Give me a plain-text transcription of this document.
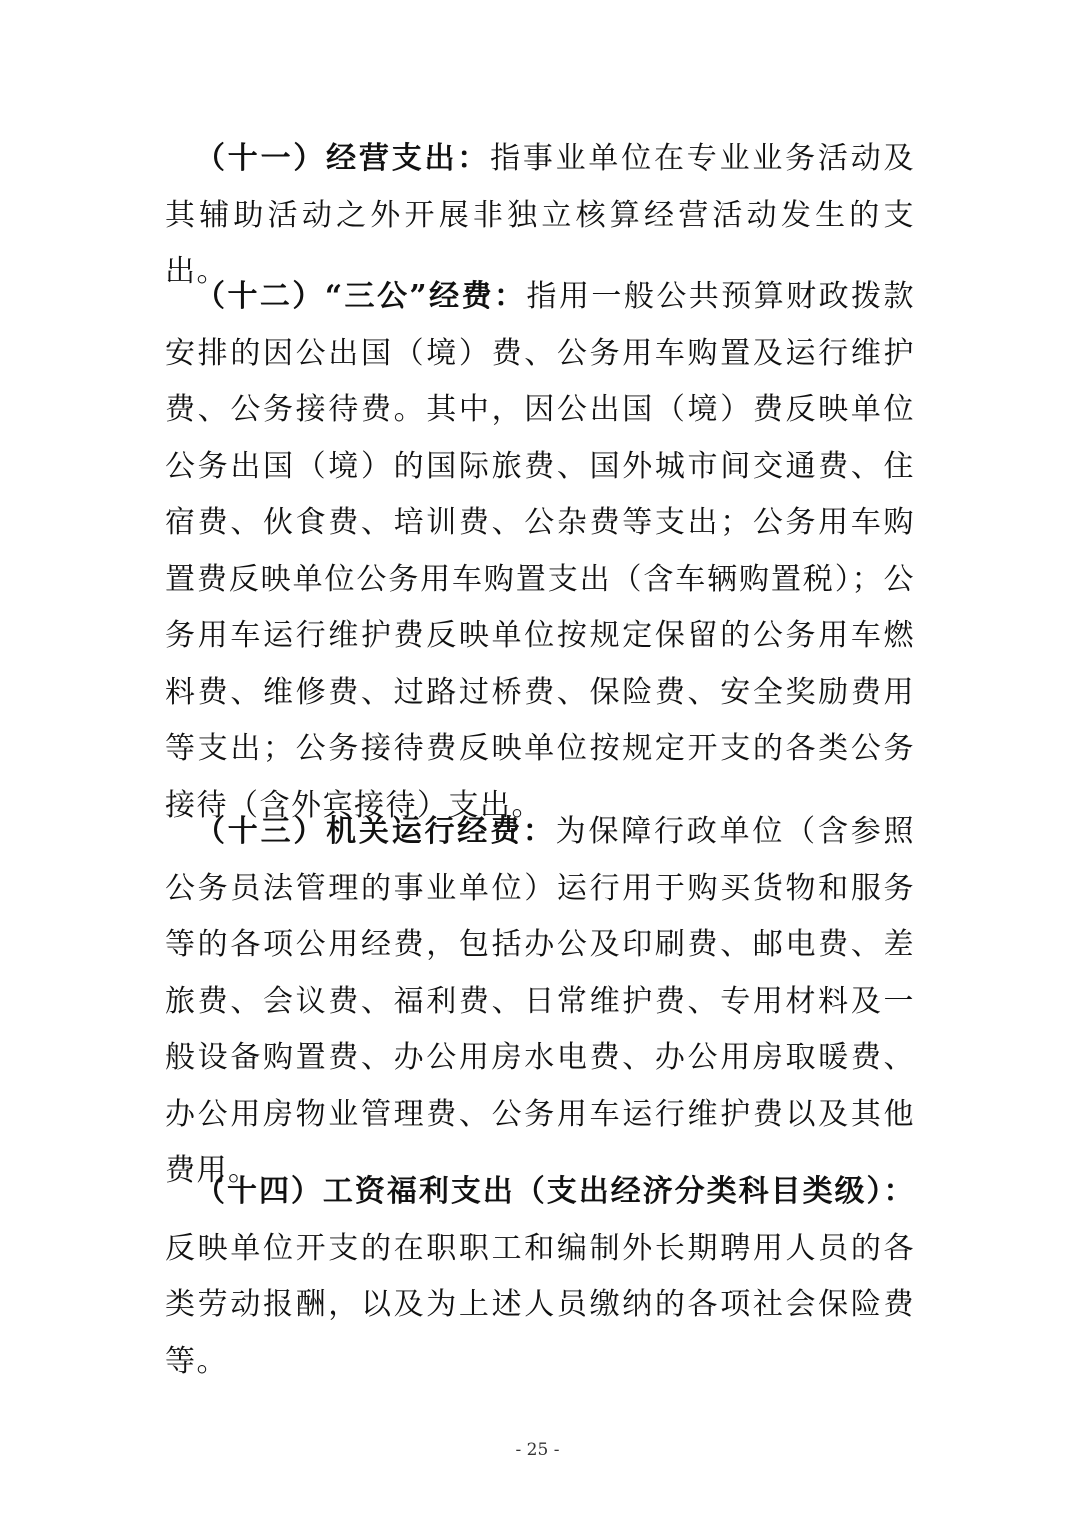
（十一）经营支出：指事业单位在专业业务活动及其辅助活动之外开展非独立核算经营活动发生的支出。

（十二）“三公”经费：指用一般公共预算财政拨款安排的因公出国（境）费、公务用车购置及运行维护费、公务接待费。其中，因公出国（境）费反映单位公务出国（境）的国际旅费、国外城市间交通费、住宿费、伙食费、培训费、公杂费等支出；公务用车购置费反映单位公务用车购置支出（含车辆购置税）；公务用车运行维护费反映单位按规定保留的公务用车燃料费、维修费、过路过桥费、保险费、安全奖励费用等支出；公务接待费反映单位按规定开支的各类公务接待（含外宾接待）支出。

（十三）机关运行经费：为保障行政单位（含参照公务员法管理的事业单位）运行用于购买货物和服务等的各项公用经费，包括办公及印刷费、邮电费、差旅费、会议费、福利费、日常维护费、专用材料及一般设备购置费、办公用房水电费、办公用房取暖费、办公用房物业管理费、公务用车运行维护费以及其他费用。

（十四）工资福利支出（支出经济分类科目类级）：反映单位开支的在职职工和编制外长期聘用人员的各类劳动报酬，以及为上述人员缴纳的各项社会保险费等。

- 25 -
